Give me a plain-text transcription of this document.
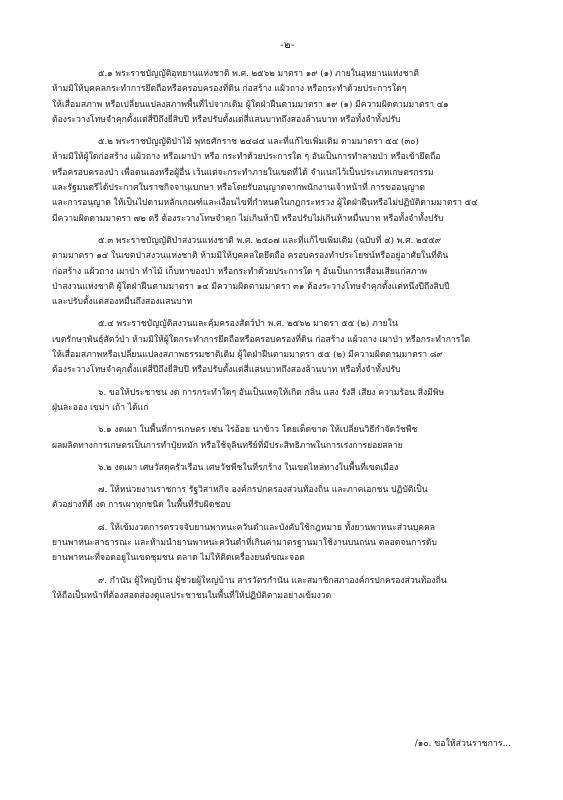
-๒-
๕.๑ พระราชบัญญัติอุทยานแห่งชาติ พ.ศ. ๒๕๖๒ มาตรา ๑๙ (๑) ภายในอุทยานแห่งชาติ
ห้ามมิให้บุคคลกระทำการยึดถือหรือครอบครองที่ดิน ก่อสร้าง แผ้วถาง หรือกระทำด้วยประการใดๆ
ให้เสื่อมสภาพ หรือเปลี่ยนแปลงสภาพพื้นที่ไปจากเดิม ผู้ใดฝ่าฝืนตามมาตรา ๑๙ (๑) มีความผิดตามมาตรา ๔๑
ต้องระวางโทษจำคุกตั้งแต่สี่ปีถึงยี่สิบปี หรือปรับตั้งแต่สี่แสนบาทถึงสองล้านบาท หรือทั้งจำทั้งปรับ
๕.๒ พระราชบัญญัติป่าไม้ พุทธศักราช ๒๔๘๔ และที่แก้ไขเพิ่มเติม ตามมาตรา ๕๔ (๓๐)
ห้ามมิให้ผู้ใดก่อสร้าง แผ้วถาง หรือเผาป่า หรือ กระทำด้วยประการใด ๆ อันเป็นการทำลายป่า หรือเข้ายึดถือ
หรือครอบครองป่า เพื่อตนเองหรือผู้อื่น เว้นแต่จะกระทำภายในเขตที่ได้ จำแนกไว้เป็นประเภทเกษตรกรรม
และรัฐมนตรีได้ประกาศในราชกิจจานุเบกษา หรือโดยรับอนุญาตจากพนักงานเจ้าหน้าที่ การขออนุญาต
และการอนุญาต ให้เป็นไปตามหลักเกณฑ์และเงื่อนไขที่กำหนดในกฎกระทรวง ผู้ใดฝ่าฝืนหรือไม่ปฏิบัติตามมาตรา ๕๔
มีความผิดตามมาตรา ๗๒ ตรี ต้องระวางโทษจำคุก ไม่เกินห้าปี หรือปรับไม่เกินห้าหมื่นบาท หรือทั้งจำทั้งปรับ
๕.๓ พระราชบัญญัติป่าสงวนแห่งชาติ พ.ศ. ๒๕๐๗ และที่แก้ไขเพิ่มเติม (ฉบับที่ ๔) พ.ศ. ๒๕๕๙
ตามมาตรา ๑๔ ในเขตป่าสงวนแห่งชาติ ห้ามมิให้บุคคลใดยึดถือ ครอบครองทำประโยชน์หรืออยู่อาศัยในที่ดิน
ก่อสร้าง แผ้วถาง เผาป่า ทำไม้ เก็บหาของป่า หรือกระทำด้วยประการใด ๆ อันเป็นการเสื่อมเสียแก่สภาพ
ป่าสงวนแห่งชาติ ผู้ใดฝ่าฝืนตามมาตรา ๑๔ มีความผิดตามมาตรา ๓๑ ต้องระวางโทษจำคุกตั้งแต่หนึ่งปีถึงสิบปี
และปรับตั้งแต่สองหมื่นถึงสองแสนบาท
๕.๔ พระราชบัญญัติสงวนและคุ้มครองสัตว์ป่า พ.ศ. ๒๕๖๒ มาตรา ๕๕ (๒) ภายใน
เขตรักษาพันธุ์สัตว์ป่า ห้ามมิให้ผู้ใดกระทำการยึดถือหรือครอบครองที่ดิน ก่อสร้าง แผ้วถาง เผาป่า หรือกระทำการใด
ให้เสื่อมสภาพหรือเปลี่ยนแปลงสภาพธรรมชาติเดิม ผู้ใดฝ่าฝืนตามมาตรา ๕๕ (๒) มีความผิดตามมาตรา ๘๙
ต้องระวางโทษจำคุกตั้งแต่สี่ปีถึงยี่สิบปี หรือปรับตั้งแต่สี่แสนบาทถึงสองล้านบาท หรือทั้งจำทั้งปรับ
๖. ขอให้ประชาชน งด การกระทำใดๆ อันเป็นเหตุให้เกิด กลิ่น แสง รังสี เสียง ความร้อน สิ่งมีพิษ
ฝุ่นละออง เขม่า เถ้า ได้แก่
๖.๑ งดเผา ในพื้นที่การเกษตร เช่น ไร่อ้อย นาข้าว โดยเด็ดขาด ให้เปลี่ยนวิธีกำจัดวัชพืช
ผลผลิตทางการเกษตรเป็นการทำปุ๋ยหมัก หรือใช้จุลินทรีย์ที่มีประสิทธิภาพในการเร่งการย่อยสลาย
๖.๒ งดเผา เศษวัสดุครัวเรือน เศษวัชพืชในที่รกร้าง ในเขตไหล่ทางในพื้นที่เขตเมือง
๗. ให้หน่วยงานราชการ รัฐวิสาหกิจ องค์กรปกครองส่วนท้องถิ่น และภาคเอกชน ปฏิบัติเป็น
ตัวอย่างที่ดี งด การเผาทุกชนิด ในพื้นที่รับผิดชอบ
๘. ให้เข้มงวดการตรวจจับยานพาหนะควันดำและบังคับใช้กฎหมาย ทั้งยานพาหนะส่วนบุคคล
ยานพาหนะสาธารณะ และห้ามนำยานพาหนะควันดำที่เกินค่ามาตรฐานมาใช้งานบนถนน ตลอดจนการดับ
ยานพาหนะที่จอดอยู่ในเขตชุมชน ตลาด ไม่ให้ติดเครื่องยนต์ขณะจอด
๙. กำนัน ผู้ใหญ่บ้าน ผู้ช่วยผู้ใหญ่บ้าน สารวัตรกำนัน และสมาชิกสภาองค์กรปกครองส่วนท้องถิ่น
ให้ถือเป็นหน้าที่ต้องสอดส่องดูแลประชาชนในพื้นที่ให้ปฏิบัติตามอย่างเข้มงวด
/๑๐. ขอให้ส่วนราชการ...
